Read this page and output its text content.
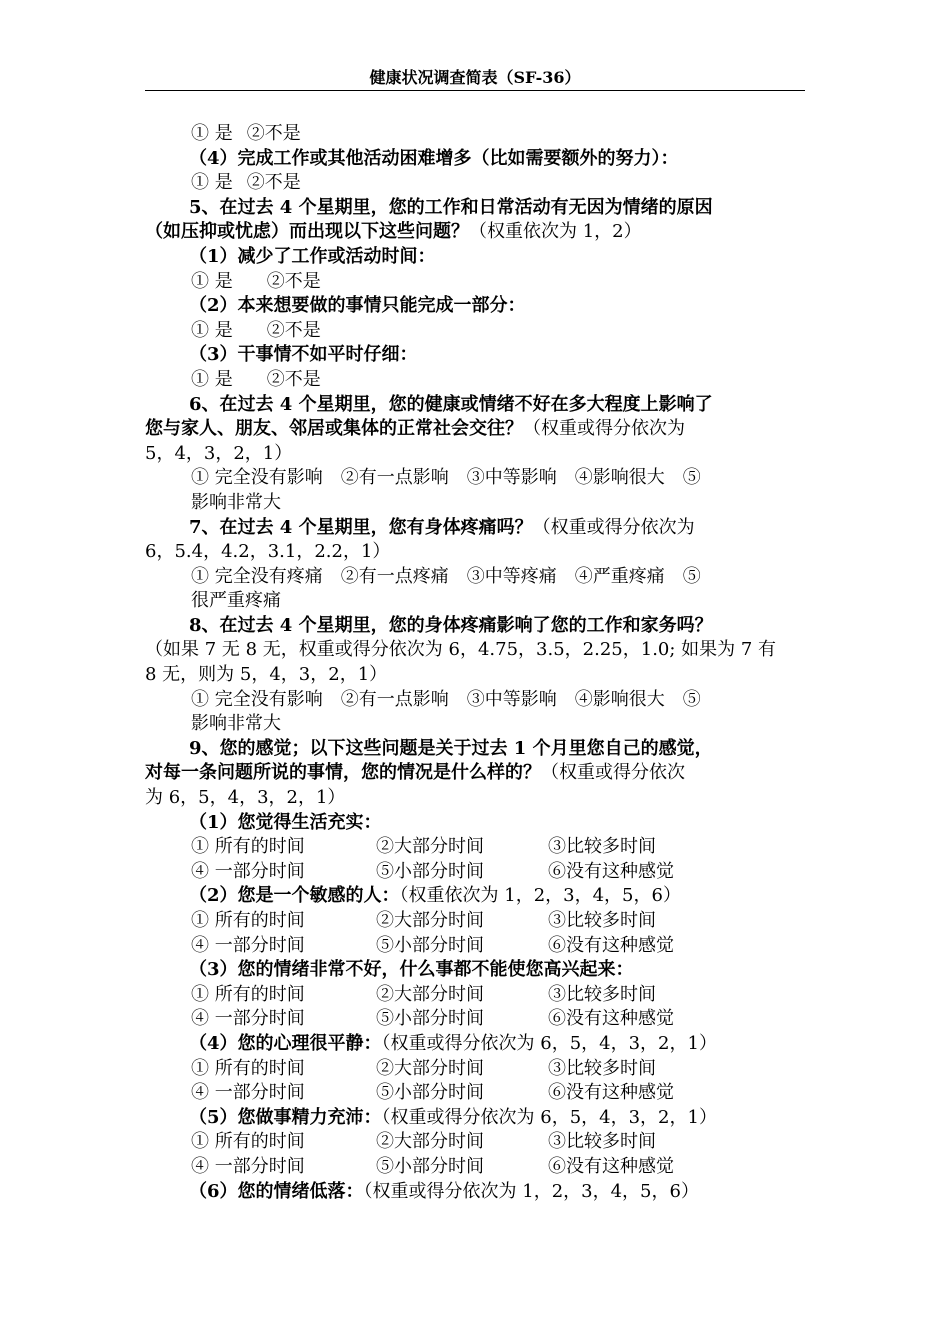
健康状况调查简表（SF-36）
① 是 ②不是
（4）完成工作或其他活动困难增多（比如需要额外的努力）：
① 是 ②不是
5、在过去 4 个星期里，您的工作和日常活动有无因为情绪的原因
（如压抑或忧虑）而出现以下这些问题？（权重依次为 1，2）
（1）减少了工作或活动时间：
① 是 ②不是
（2）本来想要做的事情只能完成一部分：
① 是 ②不是
（3）干事情不如平时仔细：
① 是 ②不是
6、在过去 4 个星期里，您的健康或情绪不好在多大程度上影响了
您与家人、朋友、邻居或集体的正常社会交往？（权重或得分依次为
5，4，3，2，1）
① 完全没有影响　②有一点影响　③中等影响　④影响很大　⑤
影响非常大
7、在过去 4 个星期里，您有身体疼痛吗？（权重或得分依次为
6，5.4，4.2，3.1，2.2，1）
① 完全没有疼痛　②有一点疼痛　③中等疼痛　④严重疼痛　⑤
很严重疼痛
8、在过去 4 个星期里，您的身体疼痛影响了您的工作和家务吗？
（如果 7 无 8 无，权重或得分依次为 6，4.75，3.5，2.25，1.0; 如果为 7 有
8 无，则为 5，4，3，2，1）
① 完全没有影响　②有一点影响　③中等影响　④影响很大　⑤
影响非常大
9、您的感觉；以下这些问题是关于过去 1 个月里您自己的感觉，
对每一条问题所说的事情，您的情况是什么样的？（权重或得分依次
为 6，5，4，3，2，1）
（1）您觉得生活充实：
① 所有的时间	②大部分时间	③比较多时间
④ 一部分时间	⑤小部分时间	⑥没有这种感觉
（2）您是一个敏感的人：（权重依次为 1，2，3，4，5，6）
① 所有的时间	②大部分时间	③比较多时间
④ 一部分时间	⑤小部分时间	⑥没有这种感觉
（3）您的情绪非常不好，什么事都不能使您高兴起来：
① 所有的时间	②大部分时间	③比较多时间
④ 一部分时间	⑤小部分时间	⑥没有这种感觉
（4）您的心理很平静：（权重或得分依次为 6，5，4，3，2，1）
① 所有的时间	②大部分时间	③比较多时间
④ 一部分时间	⑤小部分时间	⑥没有这种感觉
（5）您做事精力充沛：（权重或得分依次为 6，5，4，3，2，1）
① 所有的时间	②大部分时间	③比较多时间
④ 一部分时间	⑤小部分时间	⑥没有这种感觉
（6）您的情绪低落：（权重或得分依次为 1，2，3，4，5，6）
